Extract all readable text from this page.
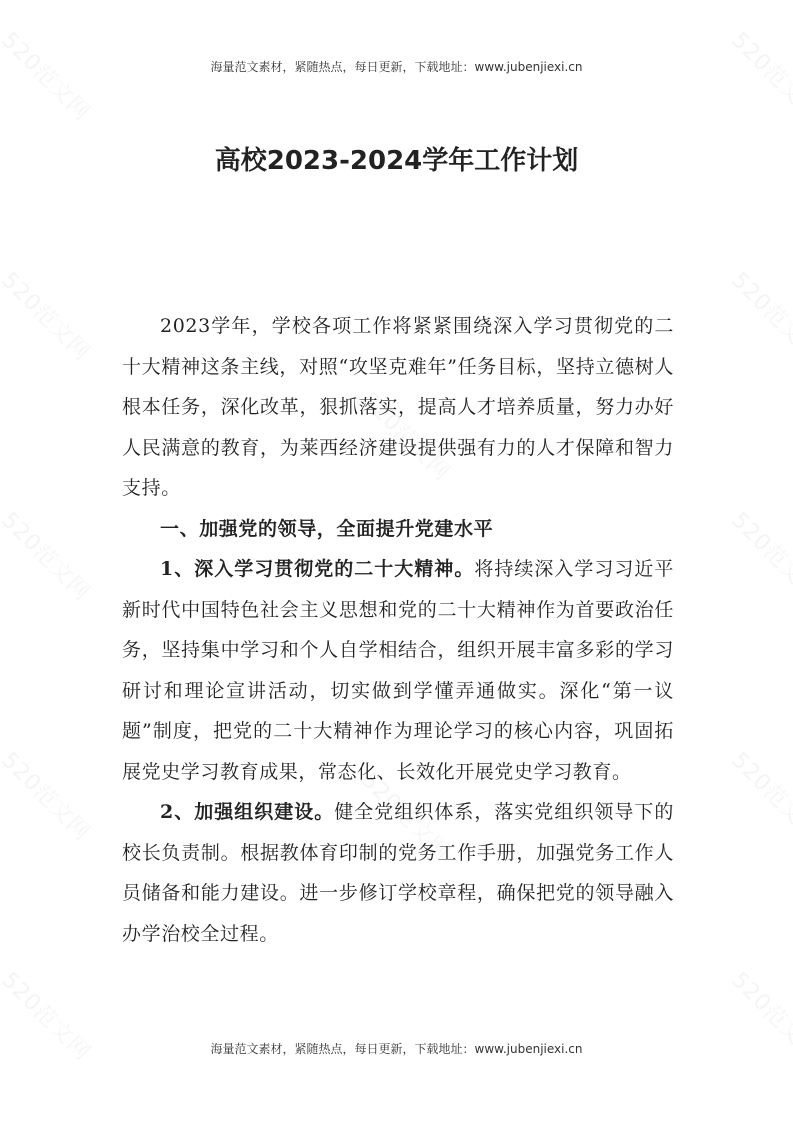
海量范文素材，紧随热点，每日更新，下载地址：www.jubenjiexi.cn
高校2023-2024学年工作计划

2023学年，学校各项工作将紧紧围绕深入学习贯彻党的二十大精神这条主线，对照“攻坚克难年”任务目标，坚持立德树人根本任务，深化改革，狠抓落实，提高人才培养质量，努力办好人民满意的教育，为莱西经济建设提供强有力的人才保障和智力支持。

一、加强党的领导，全面提升党建水平

1、深入学习贯彻党的二十大精神。将持续深入学习习近平新时代中国特色社会主义思想和党的二十大精神作为首要政治任务，坚持集中学习和个人自学相结合，组织开展丰富多彩的学习研讨和理论宣讲活动，切实做到学懂弄通做实。深化“第一议题”制度，把党的二十大精神作为理论学习的核心内容，巩固拓展党史学习教育成果，常态化、长效化开展党史学习教育。

2、加强组织建设。健全党组织体系，落实党组织领导下的校长负责制。根据教体育印制的党务工作手册，加强党务工作人员储备和能力建设。进一步修订学校章程，确保把党的领导融入办学治校全过程。

海量范文素材，紧随热点，每日更新，下载地址：www.jubenjiexi.cn
